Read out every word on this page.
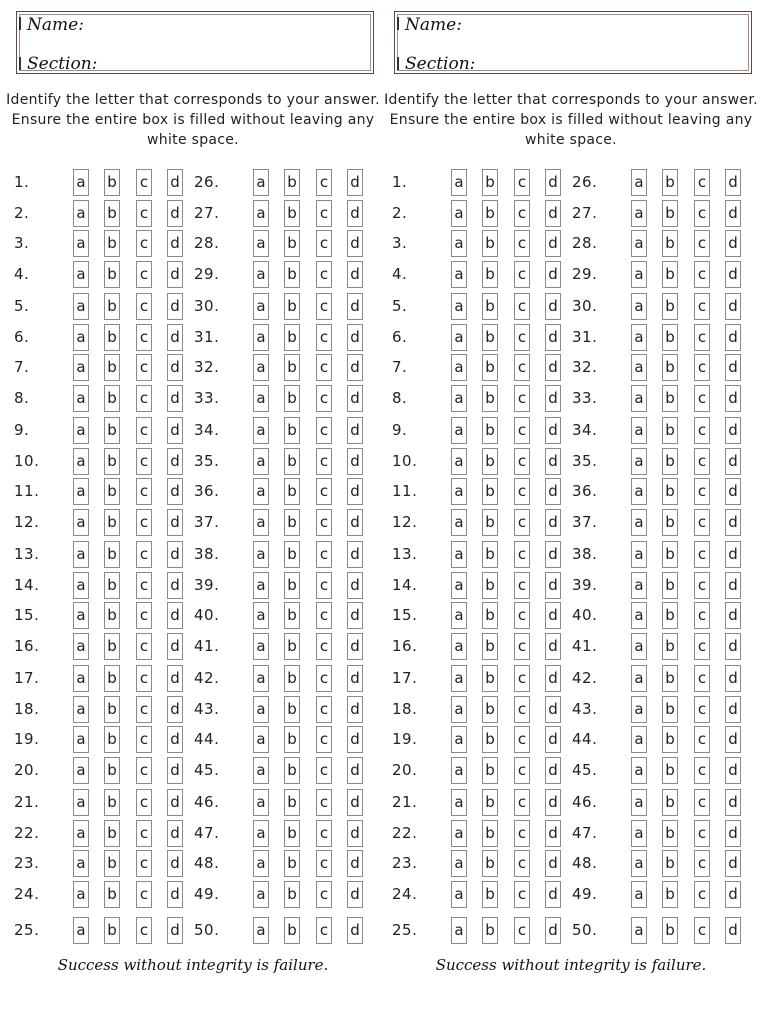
Name:
Section:
Identify the letter that corresponds to your answer. Ensure the entire box is filled without leaving any white space.
1.	a b c d
2.	a b c d
3.	a b c d
4.	a b c d
5.	a b c d
6.	a b c d
7.	a b c d
8.	a b c d
9.	a b c d
10.	a b c d
11.	a b c d
12.	a b c d
13.	a b c d
14.	a b c d
15.	a b c d
16.	a b c d
17.	a b c d
18.	a b c d
19.	a b c d
20.	a b c d
21.	a b c d
22.	a b c d
23.	a b c d
24.	a b c d
25.	a b c d
26.	a b c d
27.	a b c d
28.	a b c d
29.	a b c d
30.	a b c d
31.	a b c d
32.	a b c d
33.	a b c d
34.	a b c d
35.	a b c d
36.	a b c d
37.	a b c d
38.	a b c d
39.	a b c d
40.	a b c d
41.	a b c d
42.	a b c d
43.	a b c d
44.	a b c d
45.	a b c d
46.	a b c d
47.	a b c d
48.	a b c d
49.	a b c d
50.	a b c d
Success without integrity is failure.
Name:
Section:
Identify the letter that corresponds to your answer. Ensure the entire box is filled without leaving any white space.
1.	a b c d
2.	a b c d
3.	a b c d
4.	a b c d
5.	a b c d
6.	a b c d
7.	a b c d
8.	a b c d
9.	a b c d
10.	a b c d
11.	a b c d
12.	a b c d
13.	a b c d
14.	a b c d
15.	a b c d
16.	a b c d
17.	a b c d
18.	a b c d
19.	a b c d
20.	a b c d
21.	a b c d
22.	a b c d
23.	a b c d
24.	a b c d
25.	a b c d
26.	a b c d
27.	a b c d
28.	a b c d
29.	a b c d
30.	a b c d
31.	a b c d
32.	a b c d
33.	a b c d
34.	a b c d
35.	a b c d
36.	a b c d
37.	a b c d
38.	a b c d
39.	a b c d
40.	a b c d
41.	a b c d
42.	a b c d
43.	a b c d
44.	a b c d
45.	a b c d
46.	a b c d
47.	a b c d
48.	a b c d
49.	a b c d
50.	a b c d
Success without integrity is failure.
